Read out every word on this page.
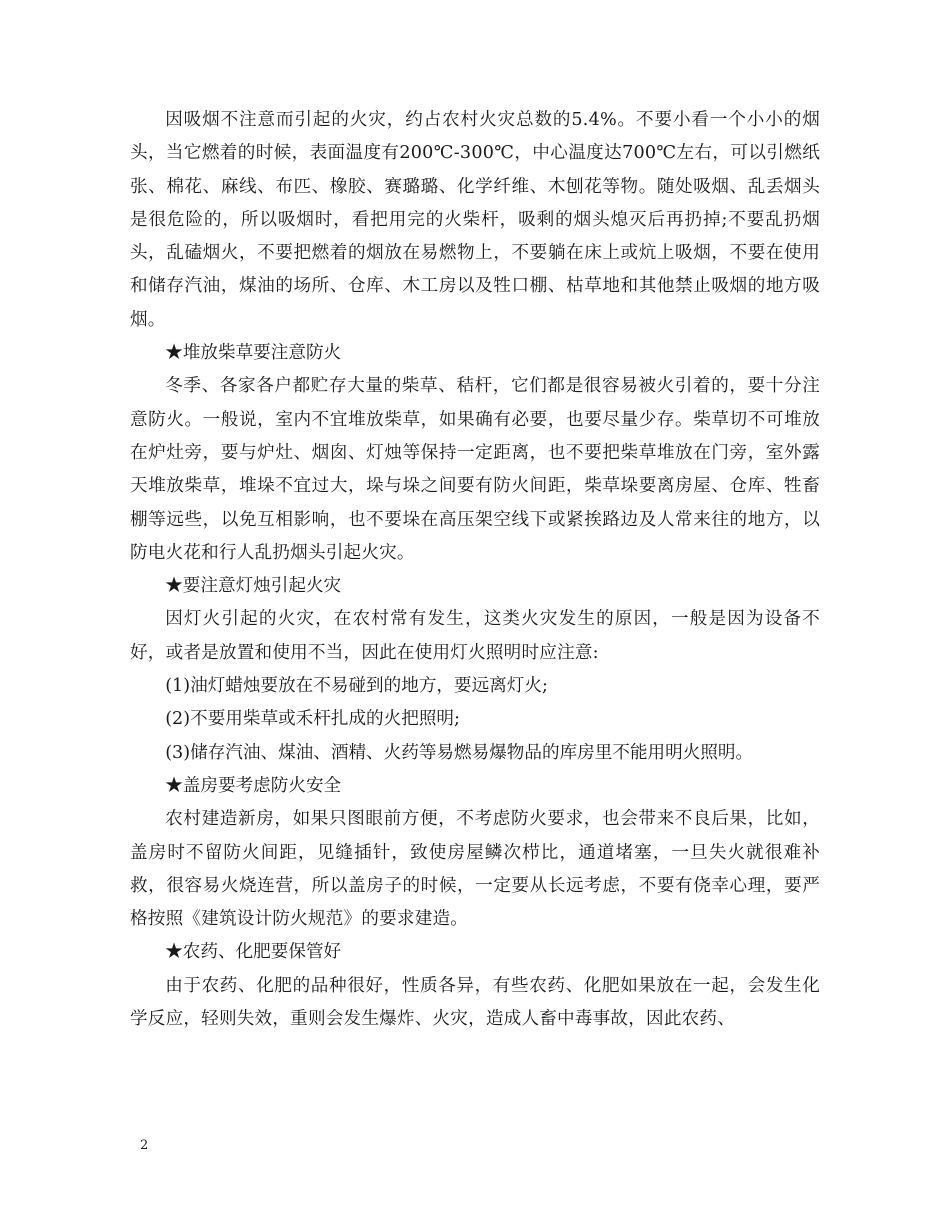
因吸烟不注意而引起的火灾，约占农村火灾总数的5.4%。不要小看一个小小的烟头，当它燃着的时候，表面温度有200℃-300℃，中心温度达700℃左右，可以引燃纸张、棉花、麻线、布匹、橡胶、赛璐璐、化学纤维、木刨花等物。随处吸烟、乱丢烟头是很危险的，所以吸烟时，看把用完的火柴杆，吸剩的烟头熄灭后再扔掉;不要乱扔烟头，乱磕烟火，不要把燃着的烟放在易燃物上，不要躺在床上或炕上吸烟，不要在使用和储存汽油，煤油的场所、仓库、木工房以及牲口棚、枯草地和其他禁止吸烟的地方吸烟。

★堆放柴草要注意防火

冬季、各家各户都贮存大量的柴草、秸杆，它们都是很容易被火引着的，要十分注意防火。一般说，室内不宜堆放柴草，如果确有必要，也要尽量少存。柴草切不可堆放在炉灶旁，要与炉灶、烟囱、灯烛等保持一定距离，也不要把柴草堆放在门旁，室外露天堆放柴草，堆垛不宜过大，垛与垛之间要有防火间距，柴草垛要离房屋、仓库、牲畜棚等远些，以免互相影响，也不要垛在高压架空线下或紧挨路边及人常来往的地方，以防电火花和行人乱扔烟头引起火灾。

★要注意灯烛引起火灾

因灯火引起的火灾，在农村常有发生，这类火灾发生的原因，一般是因为设备不好，或者是放置和使用不当，因此在使用灯火照明时应注意:

(1)油灯蜡烛要放在不易碰到的地方，要远离灯火;

(2)不要用柴草或禾杆扎成的火把照明;

(3)储存汽油、煤油、酒精、火药等易燃易爆物品的库房里不能用明火照明。

★盖房要考虑防火安全

农村建造新房，如果只图眼前方便，不考虑防火要求，也会带来不良后果，比如，盖房时不留防火间距，见缝插针，致使房屋鳞次栉比，通道堵塞，一旦失火就很难补救，很容易火烧连营，所以盖房子的时候，一定要从长远考虑，不要有侥幸心理，要严格按照《建筑设计防火规范》的要求建造。

★农药、化肥要保管好

由于农药、化肥的品种很好，性质各异，有些农药、化肥如果放在一起，会发生化学反应，轻则失效，重则会发生爆炸、火灾，造成人畜中毒事故，因此农药、

2
